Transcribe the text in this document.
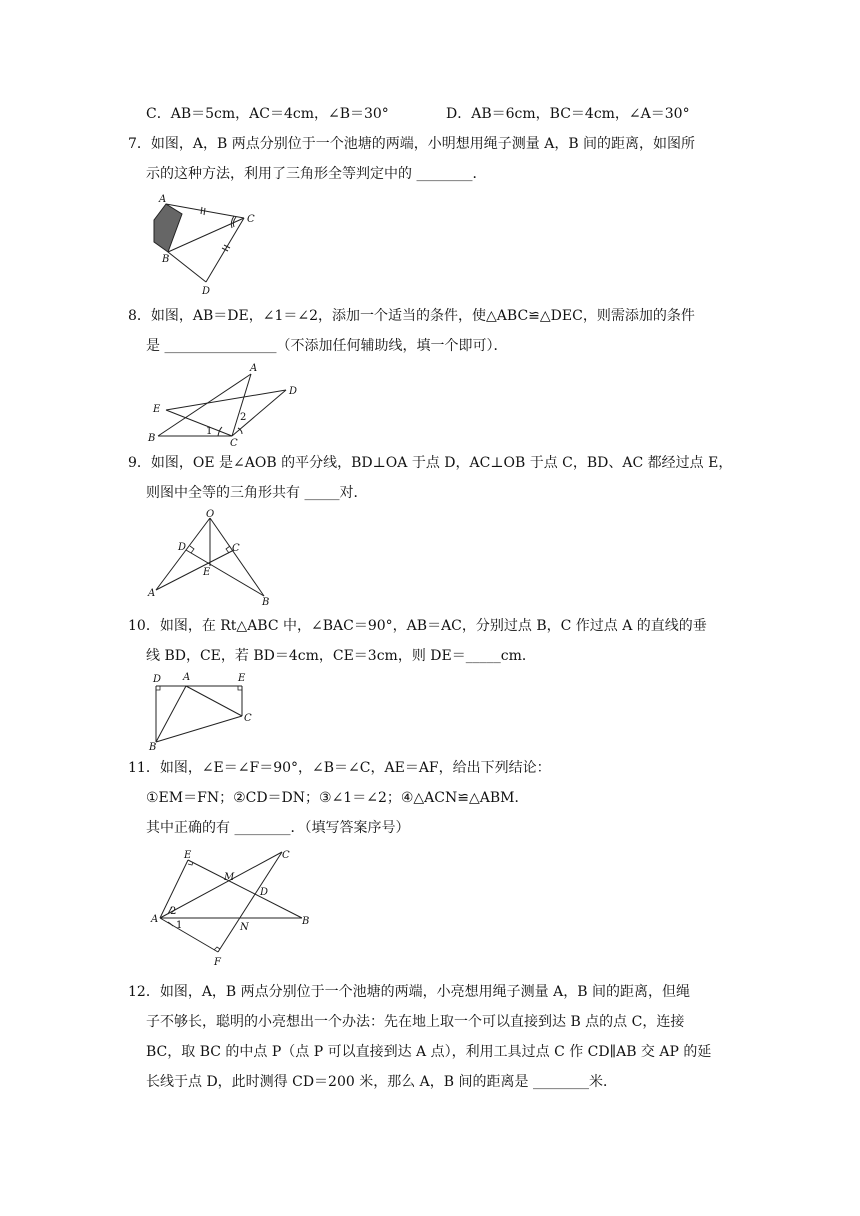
C．AB＝5cm，AC＝4cm，∠B＝30°	D．AB＝6cm，BC＝4cm，∠A＝30°
7．如图，A，B 两点分别位于一个池塘的两端，小明想用绳子测量 A，B 间的距离，如图所
示的这种方法，利用了三角形全等判定中的 ________．
A
C
B
D
8．如图，AB＝DE，∠1＝∠2，添加一个适当的条件，使△ABC≌△DEC，则需添加的条件
是 ________________（不添加任何辅助线，填一个即可）．
A
D
E
B	C
1
2
9．如图，OE 是∠AOB 的平分线，BD⊥OA 于点 D，AC⊥OB 于点 C，BD、AC 都经过点 E，
则图中全等的三角形共有 _____对．
O
D	C
E
A
B
10．如图，在 Rt△ABC 中，∠BAC＝90°，AB＝AC，分别过点 B，C 作过点 A 的直线的垂
线 BD，CE，若 BD＝4cm，CE＝3cm，则 DE＝_____cm．
D A	E
C
B
11．如图，∠E＝∠F＝90°，∠B＝∠C，AE＝AF，给出下列结论：
①EM＝FN；②CD＝DN；③∠1＝∠2；④△ACN≌△ABM．
其中正确的有 ________．（填写答案序号）
E	C
M
D
A	B
N
F
2
1
12．如图，A，B 两点分别位于一个池塘的两端，小亮想用绳子测量 A，B 间的距离，但绳
子不够长，聪明的小亮想出一个办法：先在地上取一个可以直接到达 B 点的点 C，连接
BC，取 BC 的中点 P（点 P 可以直接到达 A 点），利用工具过点 C 作 CD∥AB 交 AP 的延
长线于点 D，此时测得 CD＝200 米，那么 A，B 间的距离是 ________米．
